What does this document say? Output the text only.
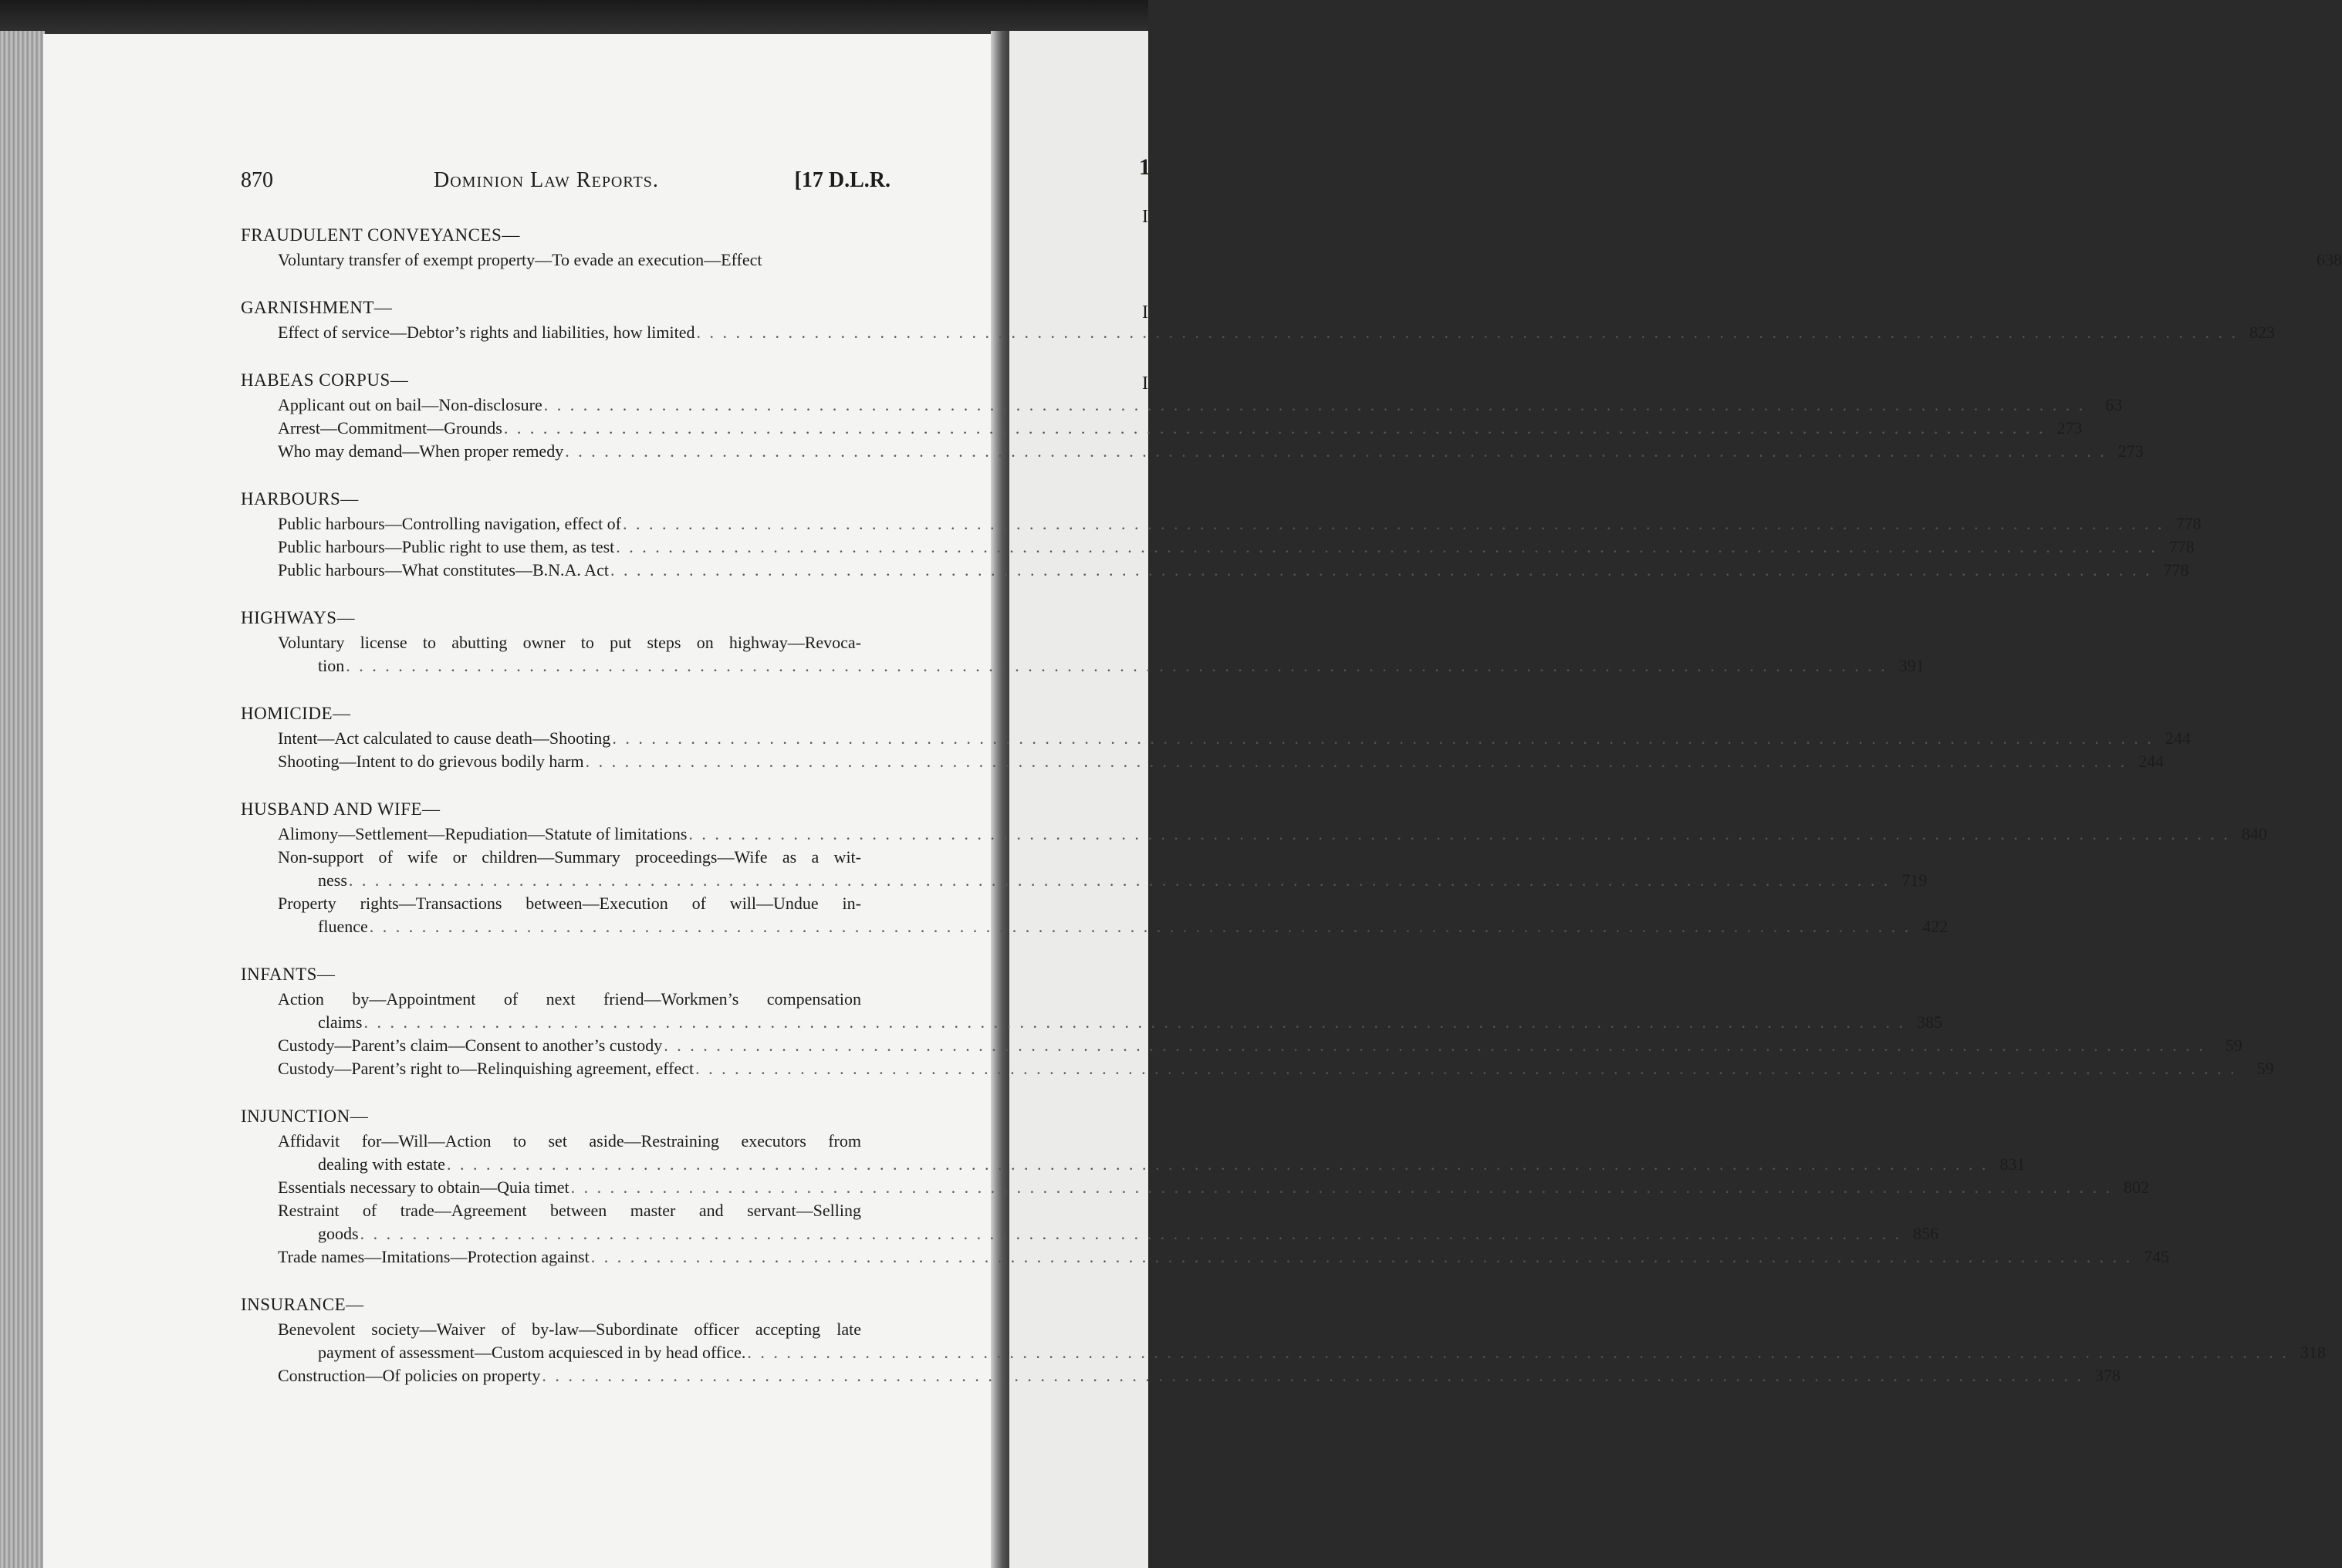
1
I
I
I
870	Dominion Law Reports.	[17 D.L.R.
FRAUDULENT CONVEYANCES—
Voluntary transfer of exempt property—To evade an execution—Effect	638
GARNISHMENT—
Effect of service—Debtor’s rights and liabilities, how limited . . .	823
HABEAS CORPUS—
Applicant out on bail—Non-disclosure . . .	63
Arrest—Commitment—Grounds . . .	273
Who may demand—When proper remedy . . .	273
HARBOURS—
Public harbours—Controlling navigation, effect of . . .	778
Public harbours—Public right to use them, as test . . .	778
Public harbours—What constitutes—B.N.A. Act . . .	778
HIGHWAYS—
Voluntary license to abutting owner to put steps on highway—Revoca-
tion . . .	391
HOMICIDE—
Intent—Act calculated to cause death—Shooting . . .	244
Shooting—Intent to do grievous bodily harm . . .	244
HUSBAND AND WIFE—
Alimony—Settlement—Repudiation—Statute of limitations . . .	840
Non-support of wife or children—Summary proceedings—Wife as a wit-
ness . . .	719
Property rights—Transactions between—Execution of will—Undue in-
fluence . . .	422
INFANTS—
Action by—Appointment of next friend—Workmen’s compensation
claims . . .	385
Custody—Parent’s claim—Consent to another’s custody . . .	59
Custody—Parent’s right to—Relinquishing agreement, effect . . .	59
INJUNCTION—
Affidavit for—Will—Action to set aside—Restraining executors from
dealing with estate . . .	831
Essentials necessary to obtain—Quia timet . . .	802
Restraint of trade—Agreement between master and servant—Selling
goods . . .	856
Trade names—Imitations—Protection against . . .	745
INSURANCE—
Benevolent society—Waiver of by-law—Subordinate officer accepting late
payment of assessment—Custom acquiesced in by head office. . . .	318
Construction—Of policies on property . . .	378
